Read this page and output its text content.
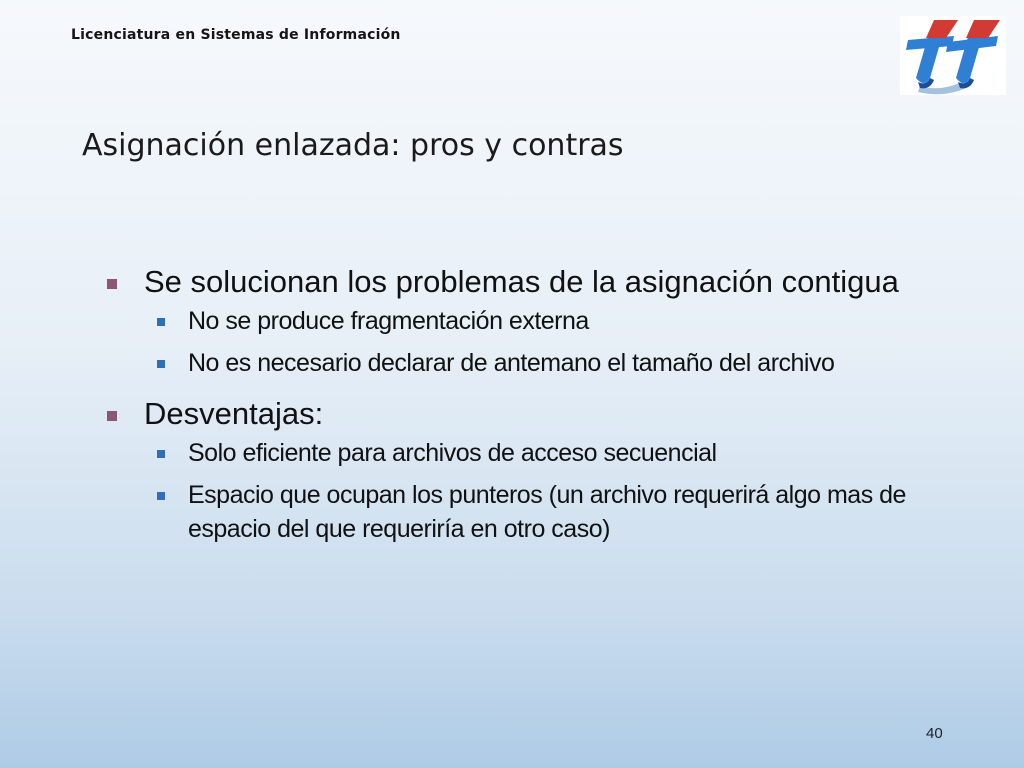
Licenciatura en Sistemas de Información
Asignación enlazada: pros y contras
Se solucionan los problemas de la asignación contigua
No se produce fragmentación externa
No es necesario declarar de antemano el tamaño del archivo
Desventajas:
Solo eficiente para archivos de acceso secuencial
Espacio que ocupan los punteros (un archivo requerirá algo mas de espacio del que requeriría en otro caso)
40
